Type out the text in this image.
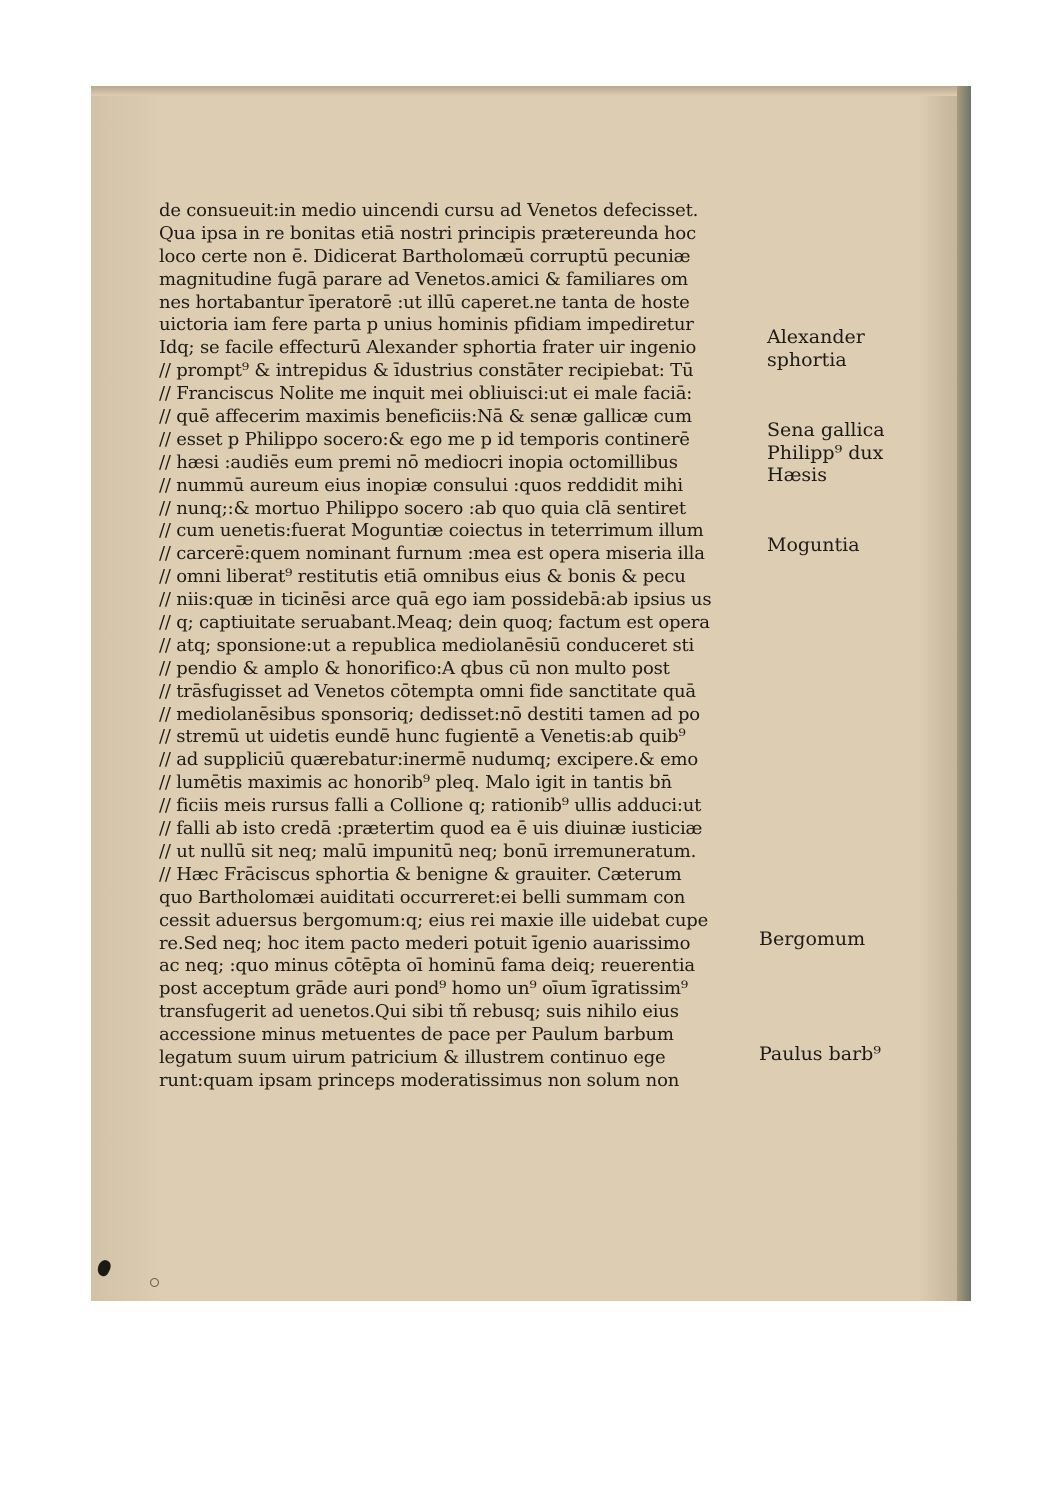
de consueuit:in medio uincendi cursu ad Venetos defecisset.
Qua ipsa in re bonitas etiā nostri principis prætereunda hoc
loco certe non ē. Didicerat Bartholomæū corruptū pecuniæ
magnitudine fugā parare ad Venetos.amici & familiares om
nes hortabantur īperatorē :ut illū caperet.ne tanta de hoste
uictoria iam fere parta p unius hominis pfidiam impediretur
Idq; se facile effecturū Alexander sphortia frater uir ingenio
// prompt⁹ & intrepidus & īdustrius constāter recipiebat: Tū
// Franciscus Nolite me inquit mei obliuisci:ut ei male faciā:
// quē affecerim maximis beneficiis:Nā & senæ gallicæ cum
// esset p Philippo socero:& ego me p id temporis continerē
// hæsi :audiēs eum premi nō mediocri inopia octomillibus
// nummū aureum eius inopiæ consului :quos reddidit mihi
// nunq;:& mortuo Philippo socero :ab quo quia clā sentiret
// cum uenetis:fuerat Moguntiæ coiectus in teterrimum illum
// carcerē:quem nominant furnum :mea est opera miseria illa
// omni liberat⁹ restitutis etiā omnibus eius & bonis & pecu
// niis:quæ in ticinēsi arce quā ego iam possidebā:ab ipsius us
// q; captiuitate seruabant.Meaq; dein quoq; factum est opera
// atq; sponsione:ut a republica mediolanēsiū conduceret sti
// pendio & amplo & honorifico:A qbus cū non multo post
// trāsfugisset ad Venetos cōtempta omni fide sanctitate quā
// mediolanēsibus sponsoriq; dedisset:nō destiti tamen ad po
// stremū ut uidetis eundē hunc fugientē a Venetis:ab quib⁹
// ad suppliciū quærebatur:inermē nudumq; excipere.& emo
// lumētis maximis ac honorib⁹ pleq. Malo igit in tantis bn̄
// ficiis meis rursus falli a Collione q; rationib⁹ ullis adduci:ut
// falli ab isto credā :prætertim quod ea ē uis diuinæ iusticiæ
// ut nullū sit neq; malū impunitū neq; bonū irremuneratum.
// Hæc Frāciscus sphortia & benigne & grauiter. Cæterum
quo Bartholomæi auiditati occurreret:ei belli summam con
cessit aduersus bergomum:q; eius rei maxie ille uidebat cupe
re.Sed neq; hoc item pacto mederi potuit īgenio auarissimo
ac neq; :quo minus cōtēpta oī hominū fama deiq; reuerentia
post acceptum grāde auri pond⁹ homo un⁹ oīum īgratissim⁹
transfugerit ad uenetos.Qui sibi tñ rebusq; suis nihilo eius
accessione minus metuentes de pace per Paulum barbum
legatum suum uirum patricium & illustrem continuo ege
runt:quam ipsam princeps moderatissimus non solum non
Alexander
sphortia
Sena gallica
Philipp⁹ dux
Hæsis
Moguntia
Bergomum
Paulus barb⁹
